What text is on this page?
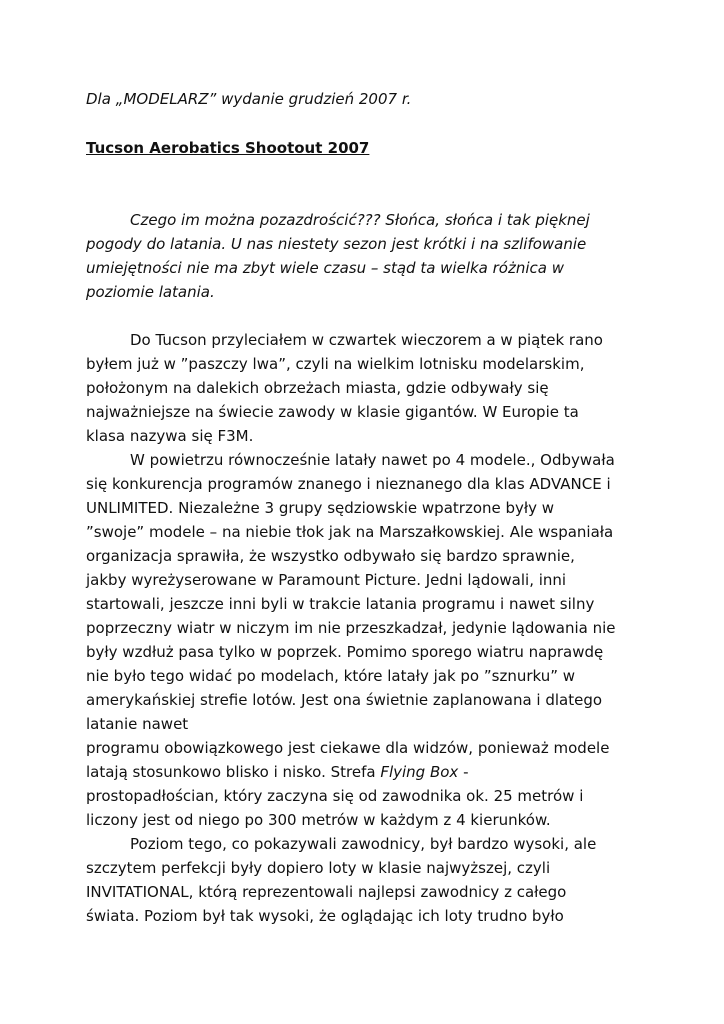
Dla „MODELARZ” wydanie grudzień 2007 r.
Tucson Aerobatics Shootout 2007
Czego im można pozazdrościć??? Słońca, słońca i tak pięknej
pogody do latania. U nas niestety sezon jest krótki i na szlifowanie
umiejętności nie ma zbyt wiele czasu – stąd ta wielka różnica w
poziomie latania.
Do Tucson przyleciałem w czwartek wieczorem a w piątek rano
byłem już w ”paszczy lwa”, czyli na wielkim lotnisku modelarskim,
położonym na dalekich obrzeżach miasta, gdzie odbywały się
najważniejsze na świecie zawody w klasie gigantów. W Europie ta
klasa nazywa się F3M.
W powietrzu równocześnie latały nawet po 4 modele., Odbywała
się konkurencja programów znanego i nieznanego dla klas ADVANCE i
UNLIMITED. Niezależne 3 grupy sędziowskie wpatrzone były w
”swoje” modele – na niebie tłok jak na Marszałkowskiej. Ale wspaniała
organizacja sprawiła, że wszystko odbywało się bardzo sprawnie,
jakby wyreżyserowane w Paramount Picture. Jedni lądowali, inni
startowali, jeszcze inni byli w trakcie latania programu i nawet silny
poprzeczny wiatr w niczym im nie przeszkadzał, jedynie lądowania nie
były wzdłuż pasa tylko w poprzek. Pomimo sporego wiatru naprawdę
nie było tego widać po modelach, które latały jak po ”sznurku” w
amerykańskiej strefie lotów. Jest ona świetnie zaplanowana i dlatego
latanie nawet
programu obowiązkowego jest ciekawe dla widzów, ponieważ modele
latają stosunkowo blisko i nisko. Strefa Flying Box -
prostopadłościan, który zaczyna się od zawodnika ok. 25 metrów i
liczony jest od niego po 300 metrów w każdym z 4 kierunków.
Poziom tego, co pokazywali zawodnicy, był bardzo wysoki, ale
szczytem perfekcji były dopiero loty w klasie najwyższej, czyli
INVITATIONAL, którą reprezentowali najlepsi zawodnicy z całego
świata. Poziom był tak wysoki, że oglądając ich loty trudno było
